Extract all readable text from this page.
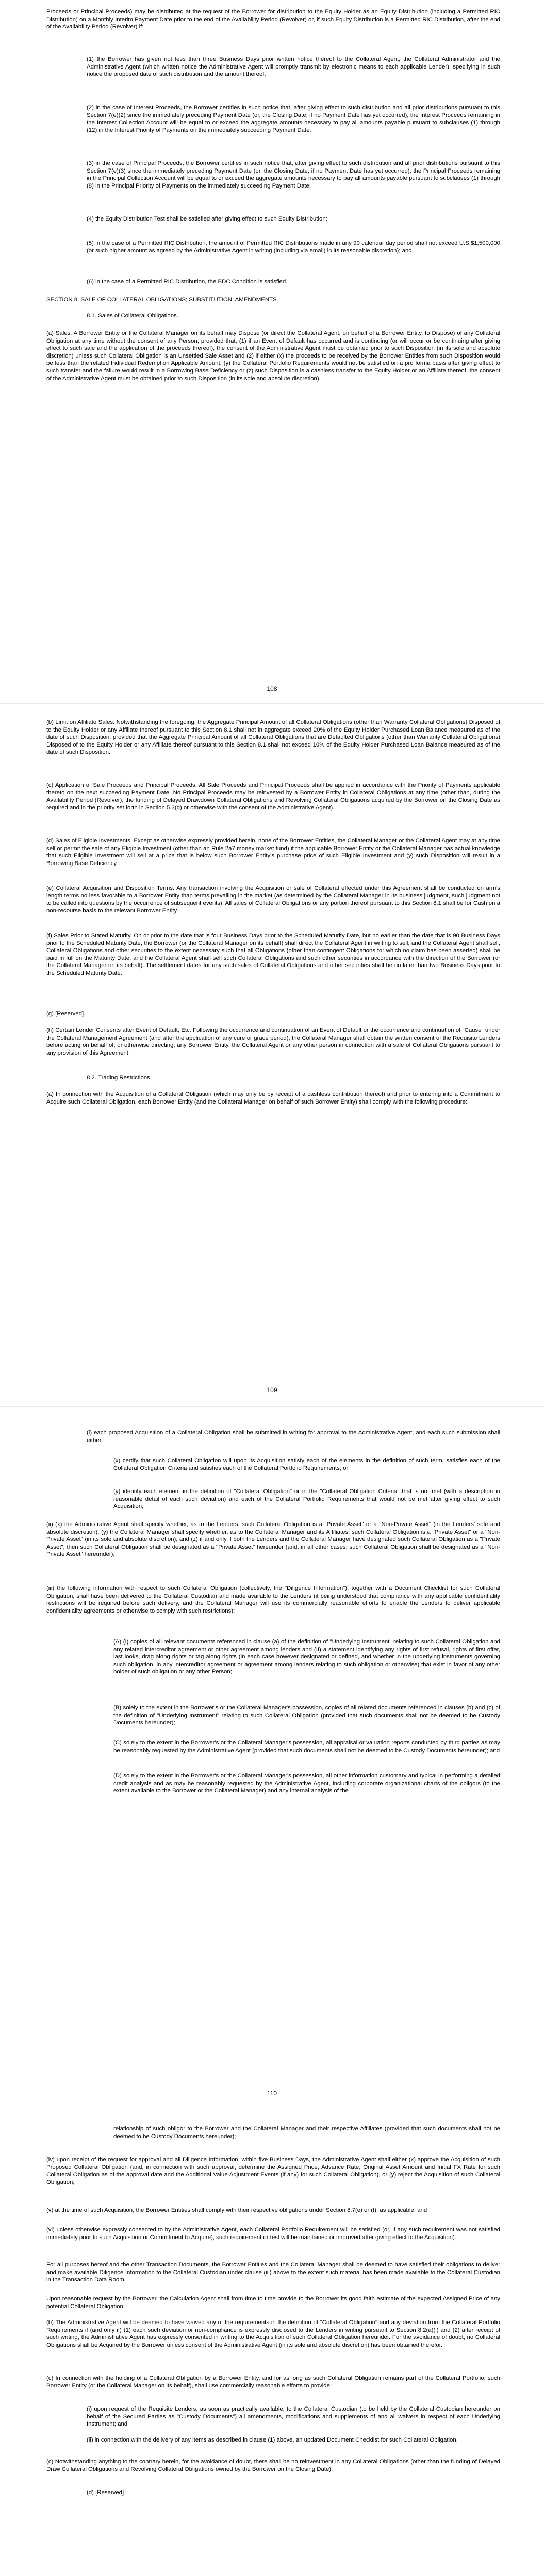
Proceeds or Principal Proceeds) may be distributed at the request of the Borrower for distribution to the Equity Holder as an Equity Distribution (including a Permitted RIC Distribution) on a Monthly Interim Payment Date prior to the end of the Availability Period (Revolver) or, if such Equity Distribution is a Permitted RIC Distribution, after the end of the Availability Period (Revolver) if:

(1) the Borrower has given not less than three Business Days prior written notice thereof to the Collateral Agent, the Collateral Administrator and the Administrative Agent (which written notice the Administrative Agent will promptly transmit by electronic means to each applicable Lender), specifying in such notice the proposed date of such distribution and the amount thereof;

(2) in the case of Interest Proceeds, the Borrower certifies in such notice that, after giving effect to such distribution and all prior distributions pursuant to this Section 7(e)(2) since the immediately preceding Payment Date (or, the Closing Date, if no Payment Date has yet occurred), the Interest Proceeds remaining in the Interest Collection Account will be equal to or exceed the aggregate amounts necessary to pay all amounts payable pursuant to subclauses (1) through (12) in the Interest Priority of Payments on the immediately succeeding Payment Date;

(3) in the case of Principal Proceeds, the Borrower certifies in such notice that, after giving effect to such distribution and all prior distributions pursuant to this Section 7(e)(3) since the immediately preceding Payment Date (or, the Closing Date, if no Payment Date has yet occurred), the Principal Proceeds remaining in the Principal Collection Account will be equal to or exceed the aggregate amounts necessary to pay all amounts payable pursuant to subclauses (1) through (8) in the Principal Priority of Payments on the immediately succeeding Payment Date;

(4) the Equity Distribution Test shall be satisfied after giving effect to such Equity Distribution;

(5) in the case of a Permitted RIC Distribution, the amount of Permitted RIC Distributions made in any 90 calendar day period shall not exceed U.S.$1,500,000 (or such higher amount as agreed by the Administrative Agent in writing (including via email) in its reasonable discretion); and

(6) in the case of a Permitted RIC Distribution, the BDC Condition is satisfied.

SECTION 8. SALE OF COLLATERAL OBLIGATIONS; SUBSTITUTION; AMENDMENTS

8.1. Sales of Collateral Obligations.

(a) Sales. A Borrower Entity or the Collateral Manager on its behalf may Dispose (or direct the Collateral Agent, on behalf of a Borrower Entity, to Dispose) of any Collateral Obligation at any time without the consent of any Person; provided that, (1) if an Event of Default has occurred and is continuing (or will occur or be continuing after giving effect to such sale and the application of the proceeds thereof), the consent of the Administrative Agent must be obtained prior to such Disposition (in its sole and absolute discretion) unless such Collateral Obligation is an Unsettled Sale Asset and (2) if either (x) the proceeds to be received by the Borrower Entities from such Disposition would be less than the related Individual Redemption Applicable Amount, (y) the Collateral Portfolio Requirements would not be satisfied on a pro forma basis after giving effect to such transfer and the failure would result in a Borrowing Base Deficiency or (z) such Disposition is a cashless transfer to the Equity Holder or an Affiliate thereof, the consent of the Administrative Agent must be obtained prior to such Disposition (in its sole and absolute discretion).

108

(b) Limit on Affiliate Sales. Notwithstanding the foregoing, the Aggregate Principal Amount of all Collateral Obligations (other than Warranty Collateral Obligations) Disposed of to the Equity Holder or any Affiliate thereof pursuant to this Section 8.1 shall not in aggregate exceed 20% of the Equity Holder Purchased Loan Balance measured as of the date of such Disposition; provided that the Aggregate Principal Amount of all Collateral Obligations that are Defaulted Obligations (other than Warranty Collateral Obligations) Disposed of to the Equity Holder or any Affiliate thereof pursuant to this Section 8.1 shall not exceed 10% of the Equity Holder Purchased Loan Balance measured as of the date of such Disposition.

(c) Application of Sale Proceeds and Principal Proceeds. All Sale Proceeds and Principal Proceeds shall be applied in accordance with the Priority of Payments applicable thereto on the next succeeding Payment Date. No Principal Proceeds may be reinvested by a Borrower Entity in Collateral Obligations at any time (other than, during the Availability Period (Revolver), the funding of Delayed Drawdown Collateral Obligations and Revolving Collateral Obligations acquired by the Borrower on the Closing Date as required and in the priority set forth in Section 5.3(d) or otherwise with the consent of the Administrative Agent).

(d) Sales of Eligible Investments. Except as otherwise expressly provided herein, none of the Borrower Entities, the Collateral Manager or the Collateral Agent may at any time sell or permit the sale of any Eligible Investment (other than an Rule 2a7 money market fund) if the applicable Borrower Entity or the Collateral Manager has actual knowledge that such Eligible Investment will sell at a price that is below such Borrower Entity's purchase price of such Eligible Investment and (y) such Disposition will result in a Borrowing Base Deficiency.

(e) Collateral Acquisition and Disposition Terms. Any transaction involving the Acquisition or sale of Collateral effected under this Agreement shall be conducted on arm's length terms no less favorable to a Borrower Entity than terms prevailing in the market (as determined by the Collateral Manager in its business judgment, such judgment not to be called into questions by the occurrence of subsequent events). All sales of Collateral Obligations or any portion thereof pursuant to this Section 8.1 shall be for Cash on a non-recourse basis to the relevant Borrower Entity.

(f) Sales Prior to Stated Maturity. On or prior to the date that is four Business Days prior to the Scheduled Maturity Date, but no earlier than the date that is 90 Business Days prior to the Scheduled Maturity Date, the Borrower (or the Collateral Manager on its behalf) shall direct the Collateral Agent in writing to sell, and the Collateral Agent shall sell, Collateral Obligations and other securities to the extent necessary such that all Obligations (other than contingent Obligations for which no claim has been asserted) shall be paid in full on the Maturity Date, and the Collateral Agent shall sell such Collateral Obligations and such other securities in accordance with the direction of the Borrower (or the Collateral Manager on its behalf). The settlement dates for any such sales of Collateral Obligations and other securities shall be no later than two Business Days prior to the Scheduled Maturity Date.

(g) [Reserved].

(h) Certain Lender Consents after Event of Default, Etc. Following the occurrence and continuation of an Event of Default or the occurrence and continuation of "Cause" under the Collateral Management Agreement (and after the application of any cure or grace period), the Collateral Manager shall obtain the written consent of the Requisite Lenders before acting on behalf of, or otherwise directing, any Borrower Entity, the Collateral Agent or any other person in connection with a sale of Collateral Obligations pursuant to any provision of this Agreement.

8.2. Trading Restrictions.

(a) In connection with the Acquisition of a Collateral Obligation (which may only be by receipt of a cashless contribution thereof) and prior to entering into a Commitment to Acquire such Collateral Obligation, each Borrower Entity (and the Collateral Manager on behalf of such Borrower Entity) shall comply with the following procedure:

109

(i) each proposed Acquisition of a Collateral Obligation shall be submitted in writing for approval to the Administrative Agent, and each such submission shall either:

(x) certify that such Collateral Obligation will upon its Acquisition satisfy each of the elements in the definition of such term, satisfies each of the Collateral Obligation Criteria and satisfies each of the Collateral Portfolio Requirements; or

(y) identify each element in the definition of "Collateral Obligation" or in the "Collateral Obligation Criteria" that is not met (with a description in reasonable detail of each such deviation) and each of the Collateral Portfolio Requirements that would not be met after giving effect to such Acquisition;

(ii) (x) the Administrative Agent shall specify whether, as to the Lenders, such Collateral Obligation is a "Private Asset" or a "Non-Private Asset" (in the Lenders' sole and absolute discretion), (y) the Collateral Manager shall specify whether, as to the Collateral Manager and its Affiliates, such Collateral Obligation is a "Private Asset" or a "Non-Private Asset" (in its sole and absolute discretion); and (z) if and only if both the Lenders and the Collateral Manager have designated such Collateral Obligation as a "Private Asset", then such Collateral Obligation shall be designated as a "Private Asset" hereunder (and, in all other cases, such Collateral Obligation shall be designated as a "Non-Private Asset" hereunder);

(iii) the following information with respect to such Collateral Obligation (collectively, the "Diligence Information"), together with a Document Checklist for such Collateral Obligation, shall have been delivered to the Collateral Custodian and made available to the Lenders (it being understood that compliance with any applicable confidentiality restrictions will be required before such delivery, and the Collateral Manager will use its commercially reasonable efforts to enable the Lenders to deliver applicable confidentiality agreements or otherwise to comply with such restrictions):

(A) (I) copies of all relevant documents referenced in clause (a) of the definition of "Underlying Instrument" relating to such Collateral Obligation and any related intercreditor agreement or other agreement among lenders and (II) a statement identifying any rights of first refusal, rights of first offer, last looks, drag along rights or tag along rights (in each case however designated or defined, and whether in the underlying instruments governing such obligation, in any intercreditor agreement or agreement among lenders relating to such obligation or otherwise) that exist in favor of any other holder of such obligation or any other Person;

(B) solely to the extent in the Borrower's or the Collateral Manager's possession, copies of all related documents referenced in clauses (b) and (c) of the definition of "Underlying Instrument" relating to such Collateral Obligation (provided that such documents shall not be deemed to be Custody Documents hereunder);

(C) solely to the extent in the Borrower's or the Collateral Manager's possession, all appraisal or valuation reports conducted by third parties as may be reasonably requested by the Administrative Agent (provided that such documents shall not be deemed to be Custody Documents hereunder); and

(D) solely to the extent in the Borrower's or the Collateral Manager's possession, all other information customary and typical in performing a detailed credit analysis and as may be reasonably requested by the Administrative Agent, including corporate organizational charts of the obligors (to the extent available to the Borrower or the Collateral Manager) and any internal analysis of the

110

relationship of such obligor to the Borrower and the Collateral Manager and their respective Affiliates (provided that such documents shall not be deemed to be Custody Documents hereunder);

(iv) upon receipt of the request for approval and all Diligence Information, within five Business Days, the Administrative Agent shall either (x) approve the Acquisition of such Proposed Collateral Obligation (and, in connection with such approval, determine the Assigned Price, Advance Rate, Original Asset Amount and Initial FX Rate for such Collateral Obligation as of the approval date and the Additional Value Adjustment Events (if any) for such Collateral Obligation), or (y) reject the Acquisition of such Collateral Obligation;

(v) at the time of such Acquisition, the Borrower Entities shall comply with their respective obligations under Section 8.7(e) or (f), as applicable; and

(vi) unless otherwise expressly consented to by the Administrative Agent, each Collateral Portfolio Requirement will be satisfied (or, if any such requirement was not satisfied immediately prior to such Acquisition or Commitment to Acquire), such requirement or test will be maintained or improved after giving effect to the Acquisition).

For all purposes hereof and the other Transaction Documents, the Borrower Entities and the Collateral Manager shall be deemed to have satisfied their obligations to deliver and make available Diligence Information to the Collateral Custodian under clause (iii) above to the extent such material has been made available to the Collateral Custodian in the Transaction Data Room.

Upon reasonable request by the Borrower, the Calculation Agent shall from time to time provide to the Borrower its good faith estimate of the expected Assigned Price of any potential Collateral Obligation.

(b) The Administrative Agent will be deemed to have waived any of the requirements in the definition of "Collateral Obligation" and any deviation from the Collateral Portfolio Requirements if (and only if) (1) each such deviation or non-compliance is expressly disclosed to the Lenders in writing pursuant to Section 8.2(a)(i) and (2) after receipt of such writing, the Administrative Agent has expressly consented in writing to the Acquisition of such Collateral Obligation hereunder. For the avoidance of doubt, no Collateral Obligations shall be Acquired by the Borrower unless consent of the Administrative Agent (in its sole and absolute discretion) has been obtained therefor.

(c) In connection with the holding of a Collateral Obligation by a Borrower Entity, and for as long as such Collateral Obligation remains part of the Collateral Portfolio, such Borrower Entity (or the Collateral Manager on its behalf), shall use commercially reasonable efforts to provide:

(i) upon request of the Requisite Lenders, as soon as practically available, to the Collateral Custodian (to be held by the Collateral Custodian hereunder on behalf of the Secured Parties as "Custody Documents") all amendments, modifications and supplements of and all waivers in respect of each Underlying Instrument; and

(ii) in connection with the delivery of any items as described in clause (1) above, an updated Document Checklist for such Collateral Obligation.

(c) Notwithstanding anything to the contrary herein, for the avoidance of doubt, there shall be no reinvestment in any Collateral Obligations (other than the funding of Delayed Draw Collateral Obligations and Revolving Collateral Obligations owned by the Borrower on the Closing Date).

(d) [Reserved]
